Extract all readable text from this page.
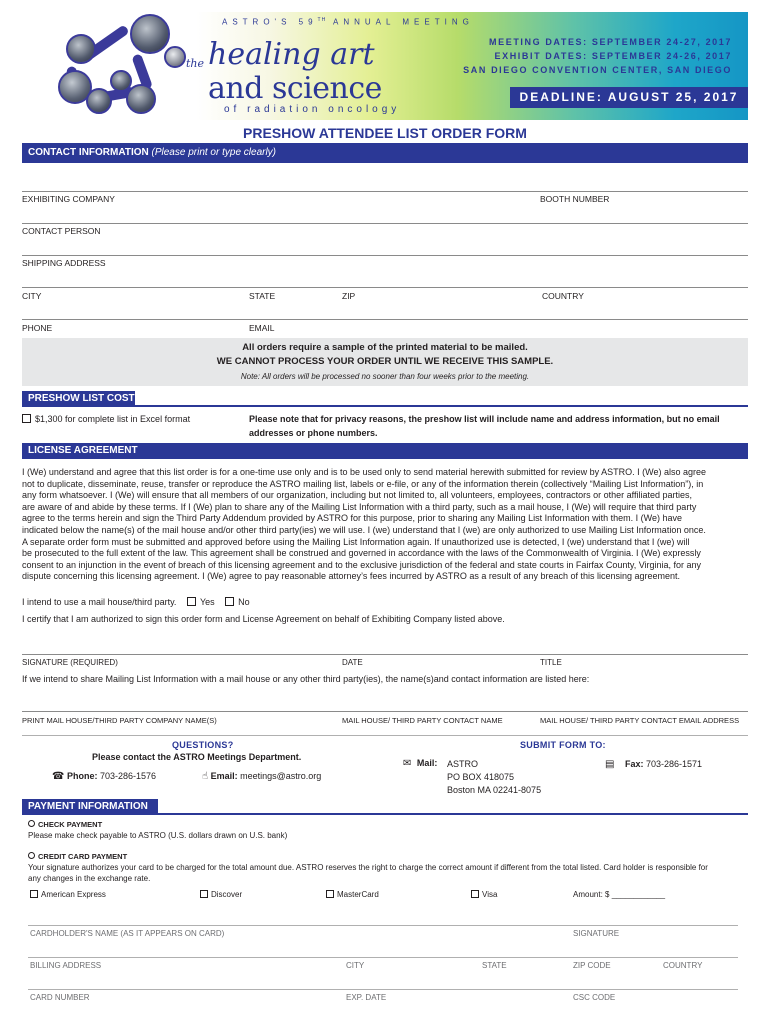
ASTRO'S 59TH ANNUAL MEETING
the healing art
and science
of radiation oncology
MEETING DATES: SEPTEMBER 24-27, 2017
EXHIBIT DATES: SEPTEMBER 24-26, 2017
SAN DIEGO CONVENTION CENTER, SAN DIEGO
DEADLINE: AUGUST 25, 2017
PRESHOW ATTENDEE LIST ORDER FORM
CONTACT INFORMATION (Please print or type clearly)
EXHIBITING COMPANY	BOOTH NUMBER
CONTACT PERSON
SHIPPING ADDRESS
CITY	STATE	ZIP	COUNTRY
PHONE	EMAIL
All orders require a sample of the printed material to be mailed.
WE CANNOT PROCESS YOUR ORDER UNTIL WE RECEIVE THIS SAMPLE.
Note: All orders will be processed no sooner than four weeks prior to the meeting.
PRESHOW LIST COST
$1,300 for complete list in Excel format	Please note that for privacy reasons, the preshow list will include name and address information, but no email
addresses or phone numbers.
LICENSE AGREEMENT
I (We) understand and agree that this list order is for a one-time use only and is to be used only to send material herewith submitted for review by ASTRO. I (We) also agree
not to duplicate, disseminate, reuse, transfer or reproduce the ASTRO mailing list, labels or e-file, or any of the information therein (collectively “Mailing List Information”), in
any form whatsoever. I (We) will ensure that all members of our organization, including but not limited to, all volunteers, employees, contractors or other affiliated parties,
are aware of and abide by these terms. If I (We) plan to share any of the Mailing List Information with a third party, such as a mail house, I (We) will require that third party
agree to the terms herein and sign the Third Party Addendum provided by ASTRO for this purpose, prior to sharing any Mailing List Information with them. I (We) have
indicated below the name(s) of the mail house and/or other third party(ies) we will use. I (we) understand that I (we) are only authorized to use Mailing List Information once.
A separate order form must be submitted and approved before using the Mailing List Information again. If unauthorized use is detected, I (we) understand that I (we) will
be prosecuted to the full extent of the law. This agreement shall be construed and governed in accordance with the laws of the Commonwealth of Virginia. I (We) expressly
consent to an injunction in the event of breach of this licensing agreement and to the exclusive jurisdiction of the federal and state courts in Fairfax County, Virginia, for any
dispute concerning this licensing agreement. I (We) agree to pay reasonable attorney’s fees incurred by ASTRO as a result of any breach of this licensing agreement.
I intend to use a mail house/third party.	Yes	No
I certify that I am authorized to sign this order form and License Agreement on behalf of Exhibiting Company listed above.
SIGNATURE (REQUIRED)	DATE	TITLE
If we intend to share Mailing List Information with a mail house or any other third party(ies), the name(s)and contact information are listed here:
PRINT MAIL HOUSE/THIRD PARTY COMPANY NAME(S)	MAIL HOUSE/ THIRD PARTY CONTACT NAME	MAIL HOUSE/ THIRD PARTY CONTACT EMAIL ADDRESS
QUESTIONS?
Please contact the ASTRO Meetings Department.
☎ Phone: 703-286-1576	☝ Email: meetings@astro.org
SUBMIT FORM TO:
✉ Mail: ASTRO
PO BOX 418075
Boston MA 02241-8075
▤ Fax: 703-286-1571
PAYMENT INFORMATION
CHECK PAYMENT
Please make check payable to ASTRO (U.S. dollars drawn on U.S. bank)
CREDIT CARD PAYMENT
Your signature authorizes your card to be charged for the total amount due. ASTRO reserves the right to charge the correct amount if different from the total listed. Card holder is responsible for
any changes in the exchange rate.
American Express	Discover	MasterCard	Visa	Amount: $ ____________
CARDHOLDER'S NAME (AS IT APPEARS ON CARD)	SIGNATURE
BILLING ADDRESS	CITY	STATE	ZIP CODE	COUNTRY
CARD NUMBER	EXP. DATE	CSC CODE
